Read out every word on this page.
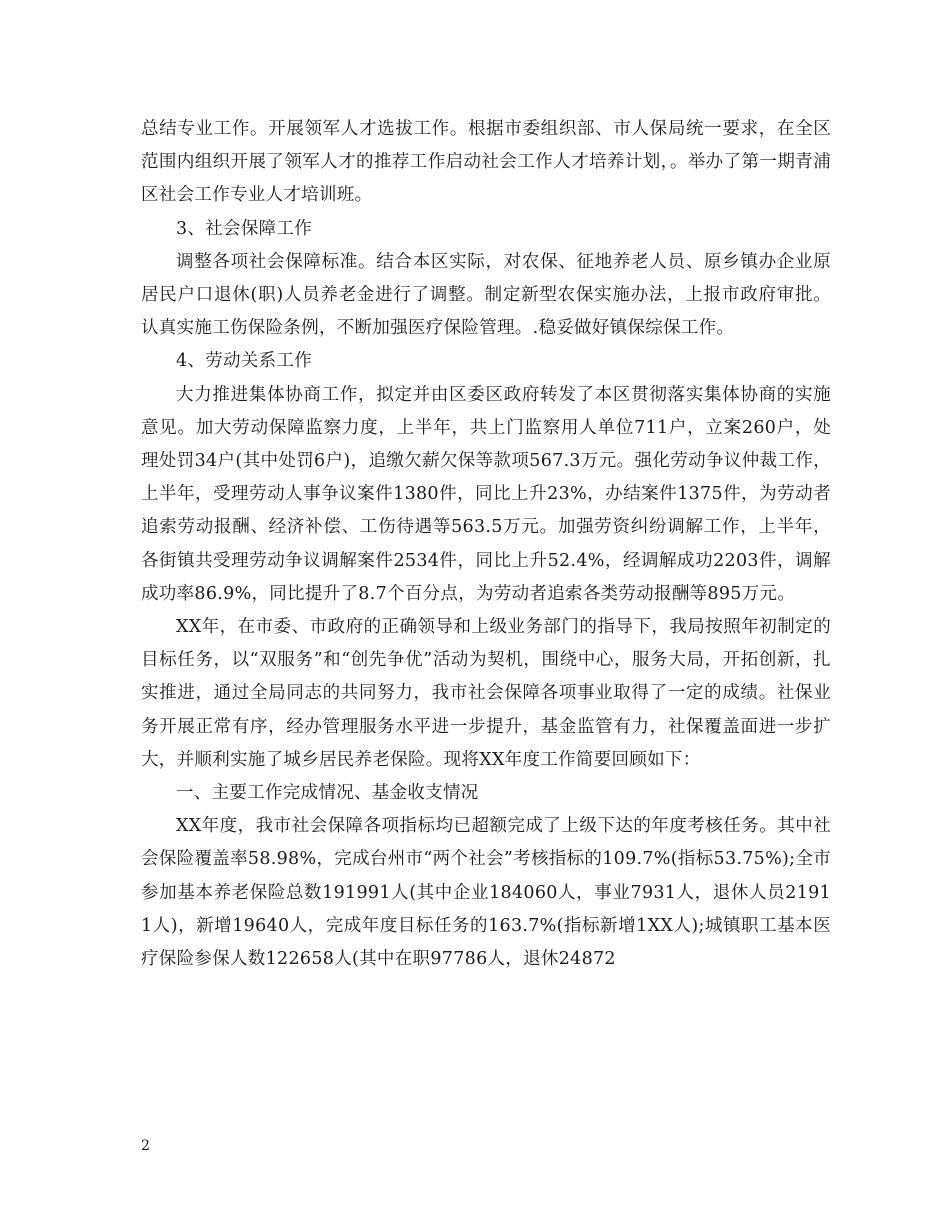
总结专业工作。开展领军人才选拔工作。根据市委组织部、市人保局统一要求，在全区范围内组织开展了领军人才的推荐工作启动社会工作人才培养计划，。举办了第一期青浦区社会工作专业人才培训班。

3、社会保障工作

调整各项社会保障标准。结合本区实际，对农保、征地养老人员、原乡镇办企业原居民户口退休(职)人员养老金进行了调整。制定新型农保实施办法，上报市政府审批。认真实施工伤保险条例，不断加强医疗保险管理。.稳妥做好镇保综保工作。

4、劳动关系工作

大力推进集体协商工作，拟定并由区委区政府转发了本区贯彻落实集体协商的实施意见。加大劳动保障监察力度，上半年，共上门监察用人单位711户，立案260户，处理处罚34户(其中处罚6户)，追缴欠薪欠保等款项567.3万元。强化劳动争议仲裁工作，上半年，受理劳动人事争议案件1380件，同比上升23%，办结案件1375件，为劳动者追索劳动报酬、经济补偿、工伤待遇等563.5万元。加强劳资纠纷调解工作，上半年，各街镇共受理劳动争议调解案件2534件，同比上升52.4%，经调解成功2203件，调解成功率86.9%，同比提升了8.7个百分点，为劳动者追索各类劳动报酬等895万元。

XX年，在市委、市政府的正确领导和上级业务部门的指导下，我局按照年初制定的目标任务，以“双服务”和“创先争优”活动为契机，围绕中心，服务大局，开拓创新，扎实推进，通过全局同志的共同努力，我市社会保障各项事业取得了一定的成绩。社保业务开展正常有序，经办管理服务水平进一步提升，基金监管有力，社保覆盖面进一步扩大，并顺利实施了城乡居民养老保险。现将XX年度工作简要回顾如下：

一、主要工作完成情况、基金收支情况

XX年度，我市社会保障各项指标均已超额完成了上级下达的年度考核任务。其中社会保险覆盖率58.98%，完成台州市“两个社会”考核指标的109.7%(指标53.75%);全市参加基本养老保险总数191991人(其中企业184060人，事业7931人，退休人员21911人)，新增19640人，完成年度目标任务的163.7%(指标新增1XX人);城镇职工基本医疗保险参保人数122658人(其中在职97786人，退休24872

2
